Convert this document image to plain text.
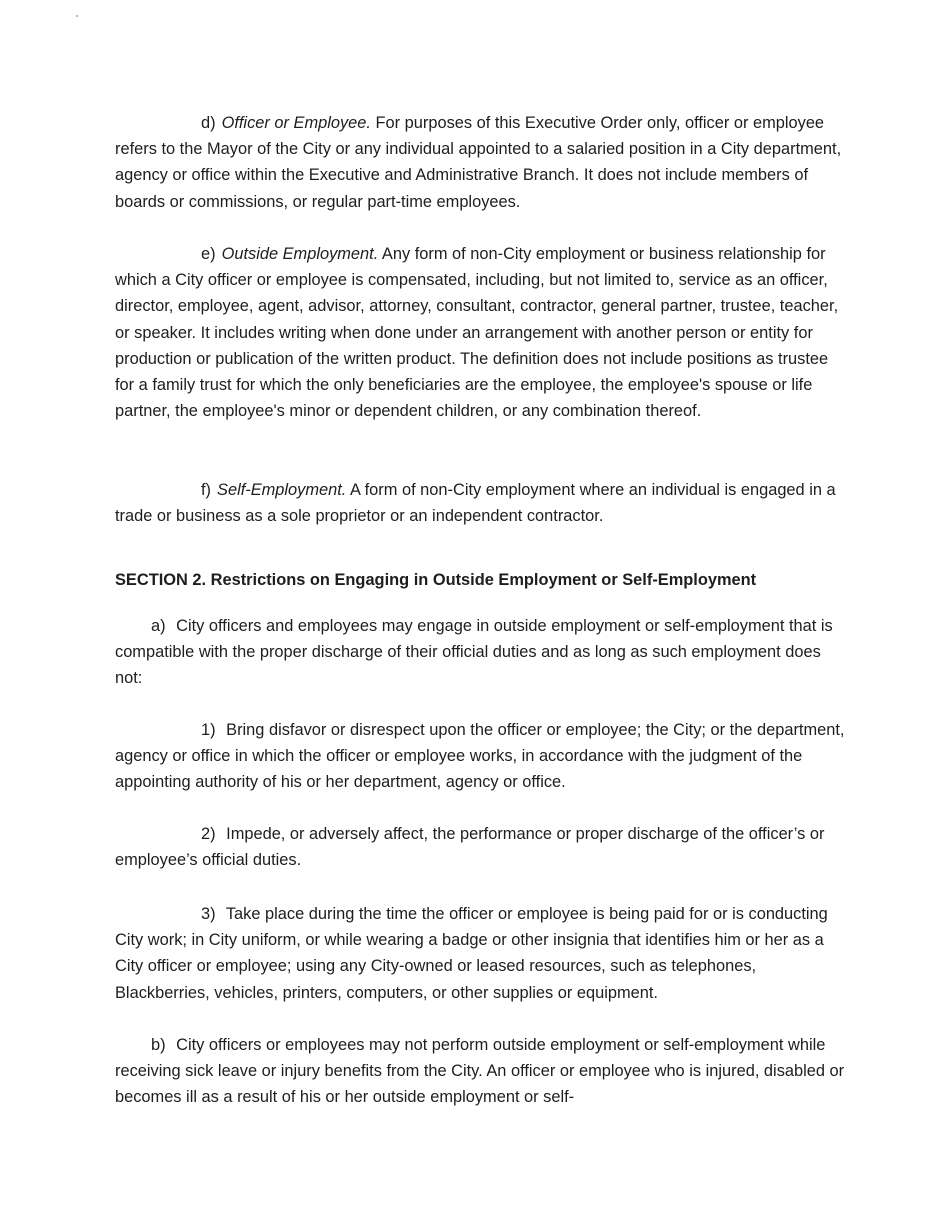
d) Officer or Employee. For purposes of this Executive Order only, officer or employee refers to the Mayor of the City or any individual appointed to a salaried position in a City department, agency or office within the Executive and Administrative Branch. It does not include members of boards or commissions, or regular part-time employees.

e) Outside Employment. Any form of non-City employment or business relationship for which a City officer or employee is compensated, including, but not limited to, service as an officer, director, employee, agent, advisor, attorney, consultant, contractor, general partner, trustee, teacher, or speaker. It includes writing when done under an arrangement with another person or entity for production or publication of the written product. The definition does not include positions as trustee for a family trust for which the only beneficiaries are the employee, the employee's spouse or life partner, the employee's minor or dependent children, or any combination thereof.

f) Self-Employment. A form of non-City employment where an individual is engaged in a trade or business as a sole proprietor or an independent contractor.

SECTION 2. Restrictions on Engaging in Outside Employment or Self-Employment

a) City officers and employees may engage in outside employment or self-employment that is compatible with the proper discharge of their official duties and as long as such employment does not:

1) Bring disfavor or disrespect upon the officer or employee; the City; or the department, agency or office in which the officer or employee works, in accordance with the judgment of the appointing authority of his or her department, agency or office.

2) Impede, or adversely affect, the performance or proper discharge of the officer’s or employee’s official duties.

3) Take place during the time the officer or employee is being paid for or is conducting City work; in City uniform, or while wearing a badge or other insignia that identifies him or her as a City officer or employee; using any City-owned or leased resources, such as telephones, Blackberries, vehicles, printers, computers, or other supplies or equipment.

b) City officers or employees may not perform outside employment or self-employment while receiving sick leave or injury benefits from the City. An officer or employee who is injured, disabled or becomes ill as a result of his or her outside employment or self-
